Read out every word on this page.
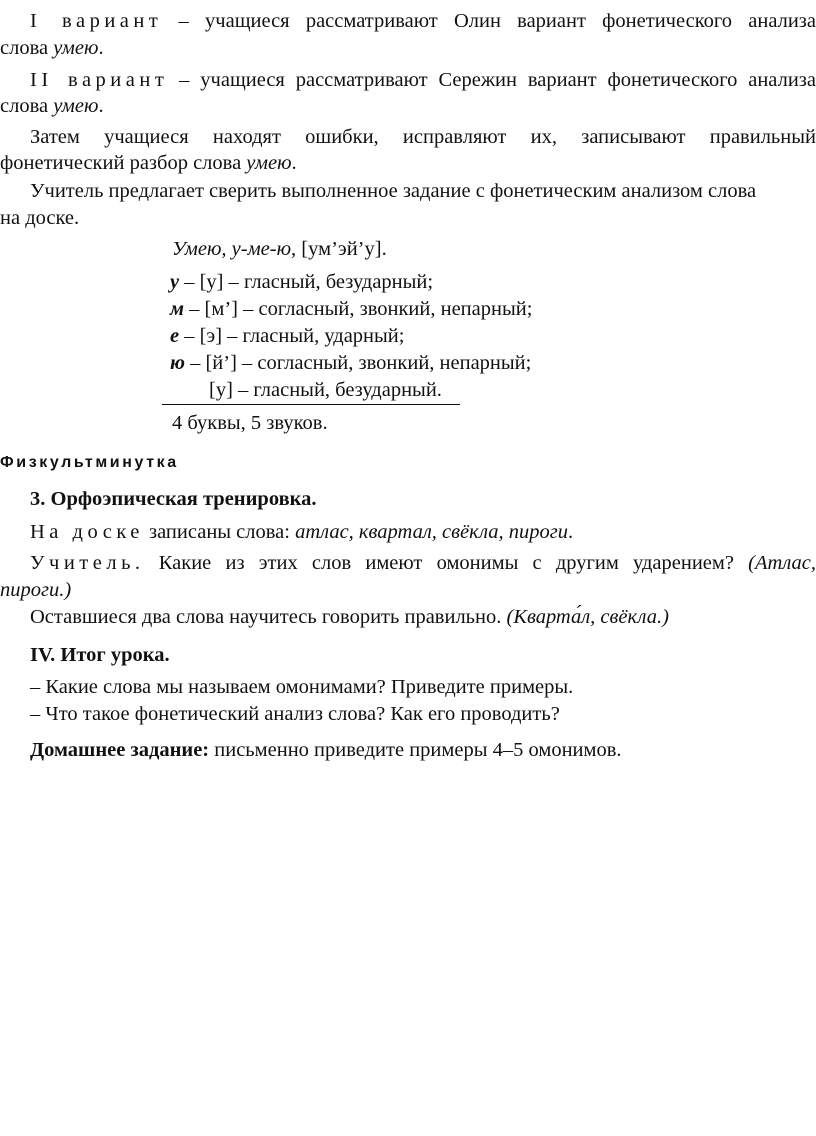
I вариант – учащиеся рассматривают Олин вариант фонетического анализа
слова умею.
II вариант – учащиеся рассматривают Сережин вариант фонетического анализа
слова умею.
Затем учащиеся находят ошибки, исправляют их, записывают правильный
фонетический разбор слова умею.
Учитель предлагает сверить выполненное задание с фонетическим анализом слова
на доске.
Умею, у-ме-ю, [ум’эй’у].
у – [у] – гласный, безударный;
м – [м’] – согласный, звонкий, непарный;
е – [э] – гласный, ударный;
ю – [й’] – согласный, звонкий, непарный;
[у] – гласный, безударный.
4 буквы, 5 звуков.
Физкультминутка
3. Орфоэпическая тренировка.
На доске записаны слова: атлас, квартал, свёкла, пироги.
Учитель. Какие из этих слов имеют омонимы с другим ударением? (Атлас,
пироги.)
Оставшиеся два слова научитесь говорить правильно. (Кварта́л, свёкла.)
IV. Итог урока.
– Какие слова мы называем омонимами? Приведите примеры.
– Что такое фонетический анализ слова? Как его проводить?
Домашнее задание: письменно приведите примеры 4–5 омонимов.
